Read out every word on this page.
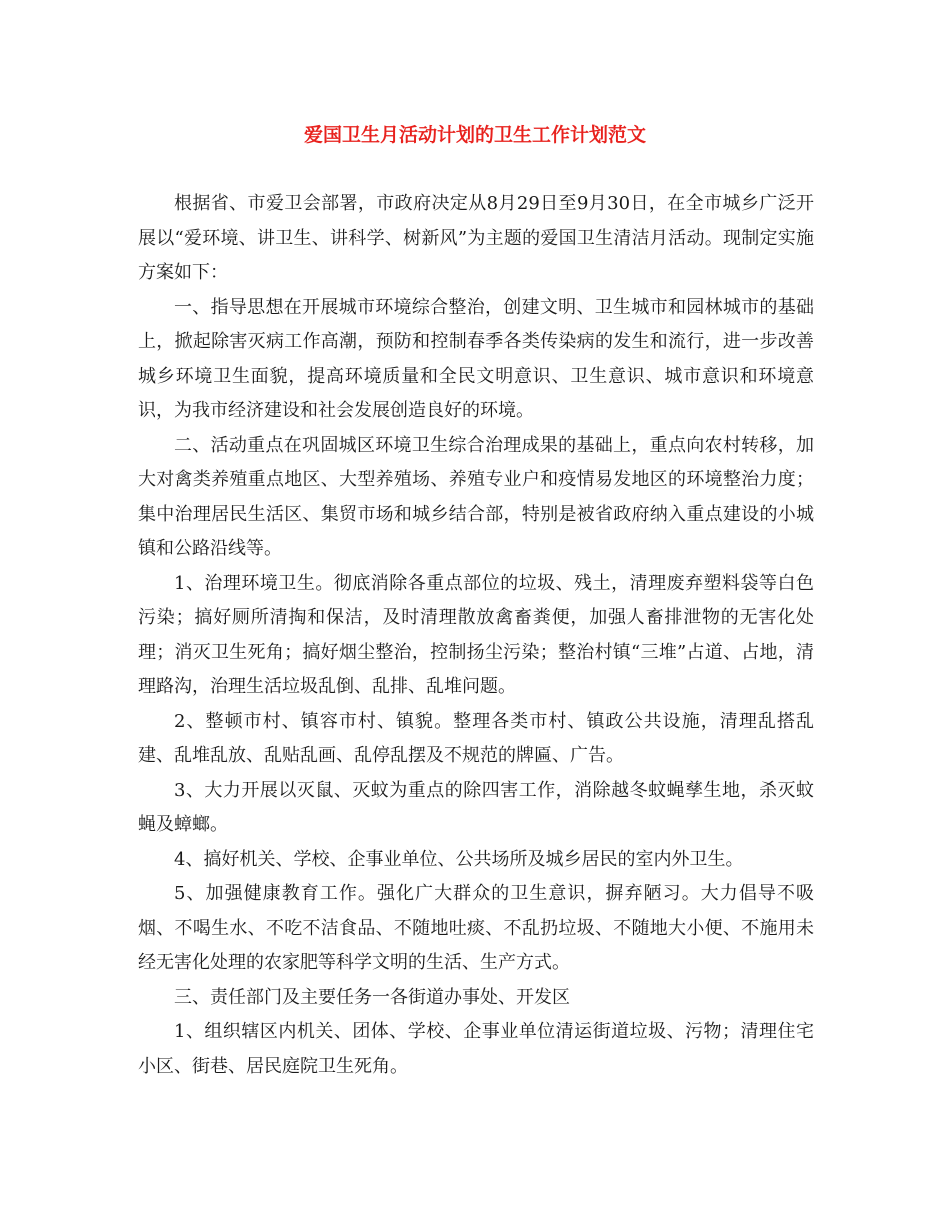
爱国卫生月活动计划的卫生工作计划范文

根据省、市爱卫会部署，市政府决定从8月29日至9月30日，在全市城乡广泛开展以“爱环境、讲卫生、讲科学、树新风”为主题的爱国卫生清洁月活动。现制定实施方案如下：

一、指导思想在开展城市环境综合整治，创建文明、卫生城市和园林城市的基础上，掀起除害灭病工作高潮，预防和控制春季各类传染病的发生和流行，进一步改善城乡环境卫生面貌，提高环境质量和全民文明意识、卫生意识、城市意识和环境意识，为我市经济建设和社会发展创造良好的环境。

二、活动重点在巩固城区环境卫生综合治理成果的基础上，重点向农村转移，加大对禽类养殖重点地区、大型养殖场、养殖专业户和疫情易发地区的环境整治力度；集中治理居民生活区、集贸市场和城乡结合部，特别是被省政府纳入重点建设的小城镇和公路沿线等。

1、治理环境卫生。彻底消除各重点部位的垃圾、残土，清理废弃塑料袋等白色污染；搞好厕所清掏和保洁，及时清理散放禽畜粪便，加强人畜排泄物的无害化处理；消灭卫生死角；搞好烟尘整治，控制扬尘污染；整治村镇“三堆”占道、占地，清理路沟，治理生活垃圾乱倒、乱排、乱堆问题。

2、整顿市村、镇容市村、镇貌。整理各类市村、镇政公共设施，清理乱搭乱建、乱堆乱放、乱贴乱画、乱停乱摆及不规范的牌匾、广告。

3、大力开展以灭鼠、灭蚊为重点的除四害工作，消除越冬蚊蝇孳生地，杀灭蚊蝇及蟑螂。

4、搞好机关、学校、企事业单位、公共场所及城乡居民的室内外卫生。

5、加强健康教育工作。强化广大群众的卫生意识，摒弃陋习。大力倡导不吸烟、不喝生水、不吃不洁食品、不随地吐痰、不乱扔垃圾、不随地大小便、不施用未经无害化处理的农家肥等科学文明的生活、生产方式。

三、责任部门及主要任务一各街道办事处、开发区

1、组织辖区内机关、团体、学校、企事业单位清运街道垃圾、污物；清理住宅小区、街巷、居民庭院卫生死角。
